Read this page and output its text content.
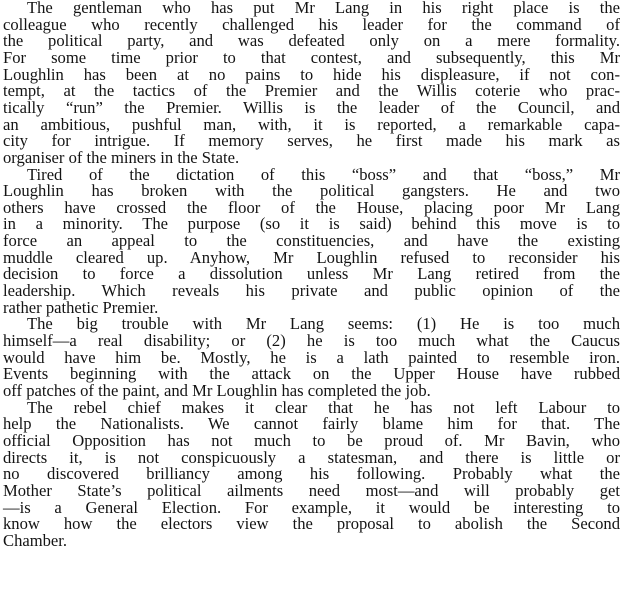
The gentleman who has put Mr Lang in his right place is the
colleague who recently challenged his leader for the command of
the political party, and was defeated only on a mere formality.
For some time prior to that contest, and subsequently, this Mr
Loughlin has been at no pains to hide his displeasure, if not con-
tempt, at the tactics of the Premier and the Willis coterie who prac-
tically “run” the Premier. Willis is the leader of the Council, and
an ambitious, pushful man, with, it is reported, a remarkable capa-
city for intrigue. If memory serves, he first made his mark as
organiser of the miners in the State.
Tired of the dictation of this “boss” and that “boss,” Mr
Loughlin has broken with the political gangsters. He and two
others have crossed the floor of the House, placing poor Mr Lang
in a minority. The purpose (so it is said) behind this move is to
force an appeal to the constituencies, and have the existing
muddle cleared up. Anyhow, Mr Loughlin refused to reconsider his
decision to force a dissolution unless Mr Lang retired from the
leadership. Which reveals his private and public opinion of the
rather pathetic Premier.
The big trouble with Mr Lang seems: (1) He is too much
himself—a real disability; or (2) he is too much what the Caucus
would have him be. Mostly, he is a lath painted to resemble iron.
Events beginning with the attack on the Upper House have rubbed
off patches of the paint, and Mr Loughlin has completed the job.
The rebel chief makes it clear that he has not left Labour to
help the Nationalists. We cannot fairly blame him for that. The
official Opposition has not much to be proud of. Mr Bavin, who
directs it, is not conspicuously a statesman, and there is little or
no discovered brilliancy among his following. Probably what the
Mother State’s political ailments need most—and will probably get
—is a General Election. For example, it would be interesting to
know how the electors view the proposal to abolish the Second
Chamber.
